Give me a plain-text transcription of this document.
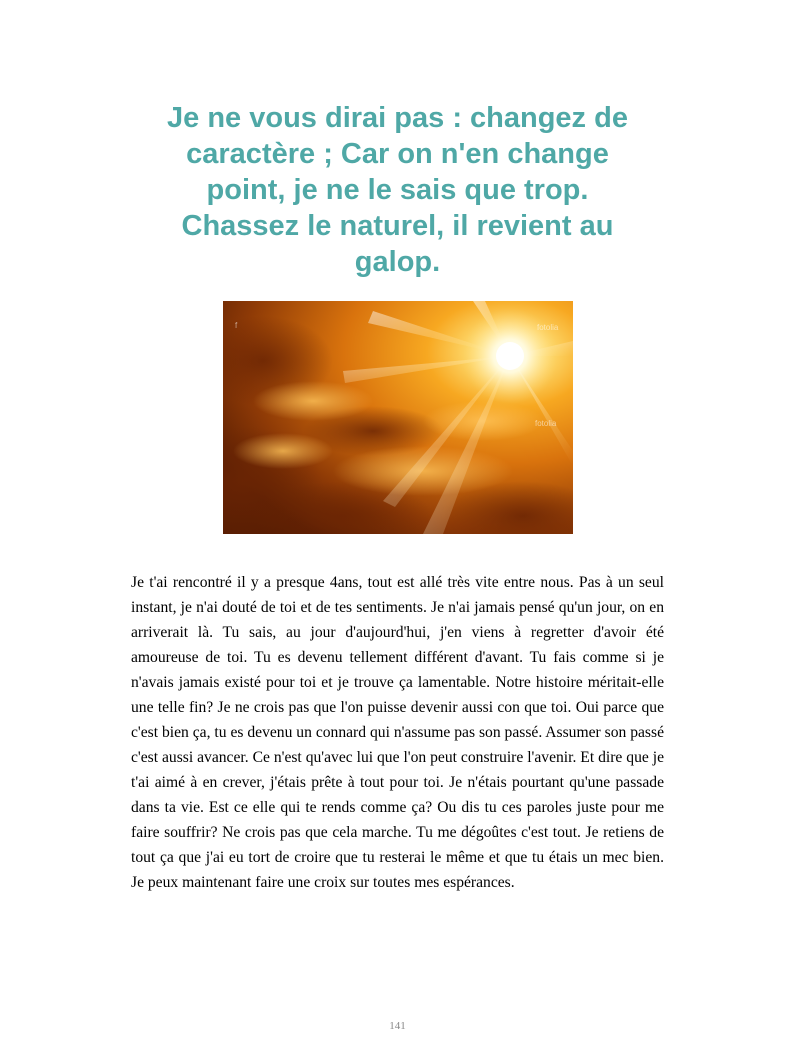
Je ne vous dirai pas : changez de
caractère ; Car on n'en change
point, je ne le sais que trop.
Chassez le naturel, il revient au
galop.
f	fotolia
fotolia

Je t'ai rencontré il y a presque 4ans, tout est allé très vite entre nous. Pas à un seul instant, je n'ai douté de toi et de tes sentiments. Je n'ai jamais pensé qu'un jour, on en arriverait là. Tu sais, au jour d'aujourd'hui, j'en viens à regretter d'avoir été amoureuse de toi. Tu es devenu tellement différent d'avant. Tu fais comme si je n'avais jamais existé pour toi et je trouve ça lamentable. Notre histoire méritait-elle une telle fin? Je ne crois pas que l'on puisse devenir aussi con que toi. Oui parce que c'est bien ça, tu es devenu un connard qui n'assume pas son passé. Assumer son passé c'est aussi avancer. Ce n'est qu'avec lui que l'on peut construire l'avenir. Et dire que je t'ai aimé à en crever, j'étais prête à tout pour toi. Je n'étais pourtant qu'une passade dans ta vie. Est ce elle qui te rends comme ça? Ou dis tu ces paroles juste pour me faire souffrir? Ne crois pas que cela marche. Tu me dégoûtes c'est tout. Je retiens de tout ça que j'ai eu tort de croire que tu resterai le même et que tu étais un mec bien. Je peux maintenant faire une croix sur toutes mes espérances.

141
